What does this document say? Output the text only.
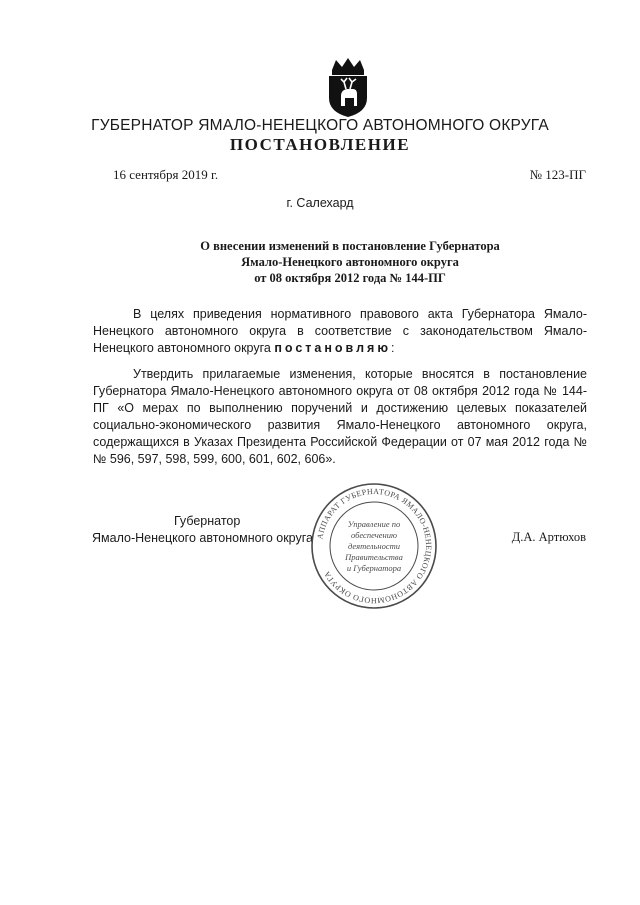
ГУБЕРНАТОР ЯМАЛО-НЕНЕЦКОГО АВТОНОМНОГО ОКРУГА
ПОСТАНОВЛЕНИЕ
16 сентября 2019 г.	№ 123-ПГ
г. Салехард
О внесении изменений в постановление Губернатора
Ямало-Ненецкого автономного округа
от 08 октября 2012 года № 144-ПГ
В целях приведения нормативного правового акта Губернатора Ямало-Ненецкого автономного округа в соответствие с законодательством Ямало-Ненецкого автономного округа постановляю:
Утвердить прилагаемые изменения, которые вносятся в постановление Губернатора Ямало-Ненецкого автономного округа от 08 октября 2012 года № 144-ПГ «О мерах по выполнению поручений и достижению целевых показателей социально-экономического развития Ямало-Ненецкого автономного округа, содержащихся в Указах Президента Российской Федерации от 07 мая 2012 года №№ 596, 597, 598, 599, 600, 601, 602, 606».
Губернатор
Ямало-Ненецкого автономного округа	Д.А. Артюхов
АППАРАТ ГУБЕРНАТОРА ЯМАЛО-НЕНЕЦКОГО АВТОНОМНОГО ОКРУГА
Управление по
обеспечению
деятельности
Правительства
и Губернатора
